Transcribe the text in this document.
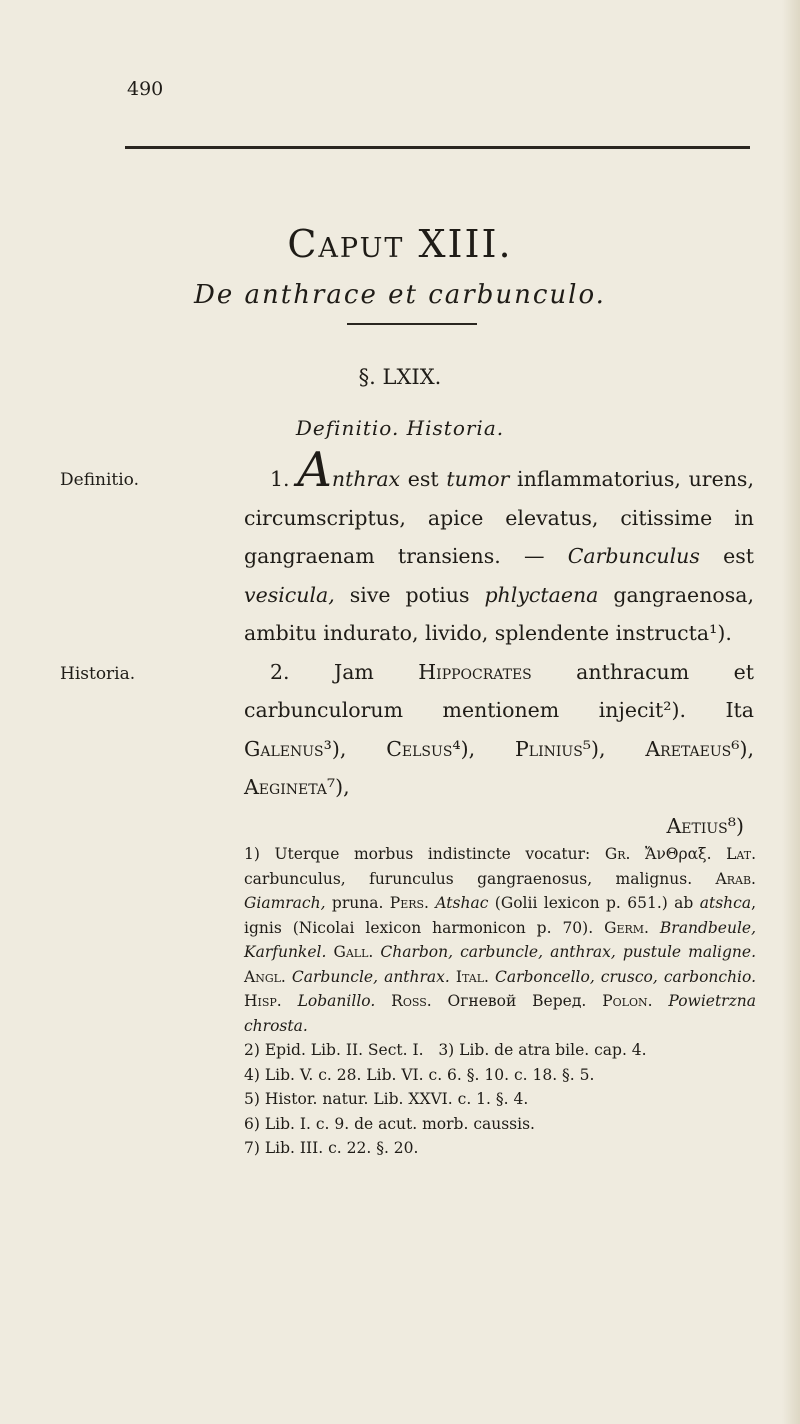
490
Caput XIII.
De anthrace et carbunculo.
§. LXIX.
Definitio. Historia.
Definitio.
Historia.

1. Anthrax est tumor inflammatorius, urens, circumscriptus, apice elevatus, citissime in gangraenam transiens. — Carbunculus est vesicula, sive potius phlyctaena gangraenosa, ambitu indurato, livido, splendente instructa¹).

2. Jam Hippocrates anthracum et carbunculorum mentionem injecit²). Ita Galenus³), Celsus⁴), Plinius⁵), Aretaeus⁶), Aegineta⁷),

Aetius⁸)

1) Uterque morbus indistincte vocatur: Gr. ἌνΘραξ. Lat. carbunculus, furunculus gangraenosus, malignus. Arab. Giamrach, pruna. Pers. Atshac (Golii lexicon p. 651.) ab atshca, ignis (Nicolai lexicon harmonicon p. 70). Germ. Brandbeule, Karfunkel. Gall. Charbon, carbuncle, anthrax, pustule maligne. Angl. Carbuncle, anthrax. Ital. Carboncello, crusco, carbonchio. Hisp. Lobanillo. Ross. Огневой Веред. Polon. Powietrzna chrosta.

2) Epid. Lib. II. Sect. I.   3) Lib. de atra bile. cap. 4.

4) Lib. V. c. 28. Lib. VI. c. 6. §. 10. c. 18. §. 5.

5) Histor. natur. Lib. XXVI. c. 1. §. 4.

6) Lib. I. c. 9. de acut. morb. caussis.

7) Lib. III. c. 22. §. 20.
